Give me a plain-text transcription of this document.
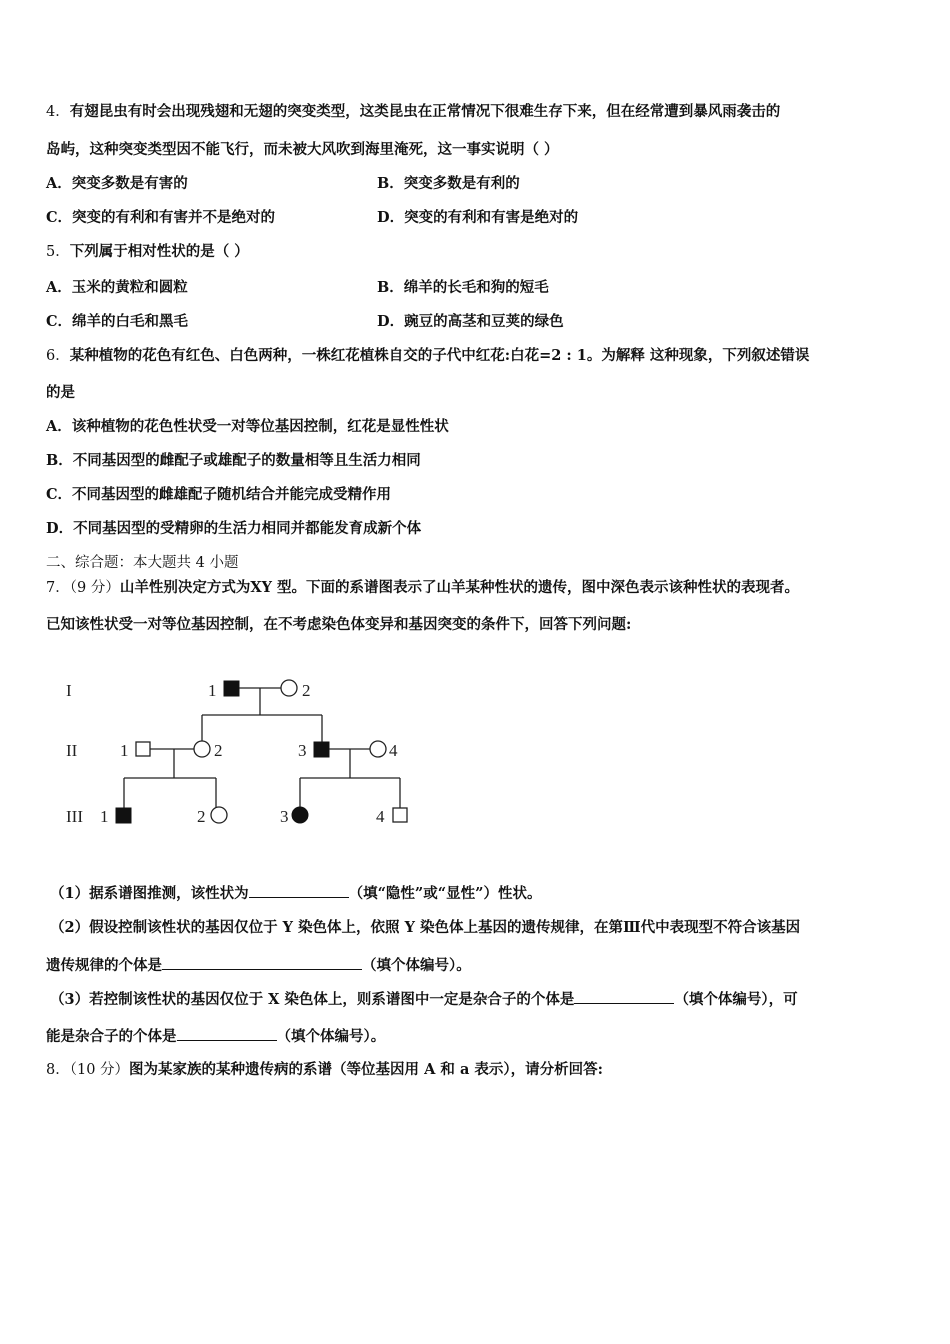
4．有翅昆虫有时会出现残翅和无翅的突变类型，这类昆虫在正常情况下很难生存下来，但在经常遭到暴风雨袭击的
岛屿，这种突变类型因不能飞行，而未被大风吹到海里淹死，这一事实说明（ ）
A．突变多数是有害的	B．突变多数是有利的
C．突变的有利和有害并不是绝对的	D．突变的有利和有害是绝对的
5．下列属于相对性状的是（ ）
A．玉米的黄粒和圆粒	B．绵羊的长毛和狗的短毛
C．绵羊的白毛和黑毛	D．豌豆的高茎和豆荚的绿色
6．某种植物的花色有红色、白色两种，一株红花植株自交的子代中红花:白花=2 : 1。为解释 这种现象，下列叙述错误
的是
A．该种植物的花色性状受一对等位基因控制，红花是显性性状
B．不同基因型的雌配子或雄配子的数量相等且生活力相同
C．不同基因型的雌雄配子随机结合并能完成受精作用
D．不同基因型的受精卵的生活力相同并都能发育成新个体
二、综合题：本大题共 4 小题
7．（9 分）山羊性别决定方式为XY 型。下面的系谱图表示了山羊某种性状的遗传，图中深色表示该种性状的表现者。
已知该性状受一对等位基因控制，在不考虑染色体变异和基因突变的条件下，回答下列问题:
I
II
III
1	2
1	2	3	4
1	2	3	4
（1）据系谱图推测，该性状为	（填“隐性”或“显性”）性状。
（2）假设控制该性状的基因仅位于 Y 染色体上，依照 Y 染色体上基因的遗传规律，在第Ⅲ代中表现型不符合该基因
遗传规律的个体是	（填个体编号）。
（3）若控制该性状的基因仅位于 X 染色体上，则系谱图中一定是杂合子的个体是	（填个体编号），可
能是杂合子的个体是	（填个体编号）。
8．（10 分）图为某家族的某种遗传病的系谱（等位基因用 A 和 a 表示），请分析回答:
